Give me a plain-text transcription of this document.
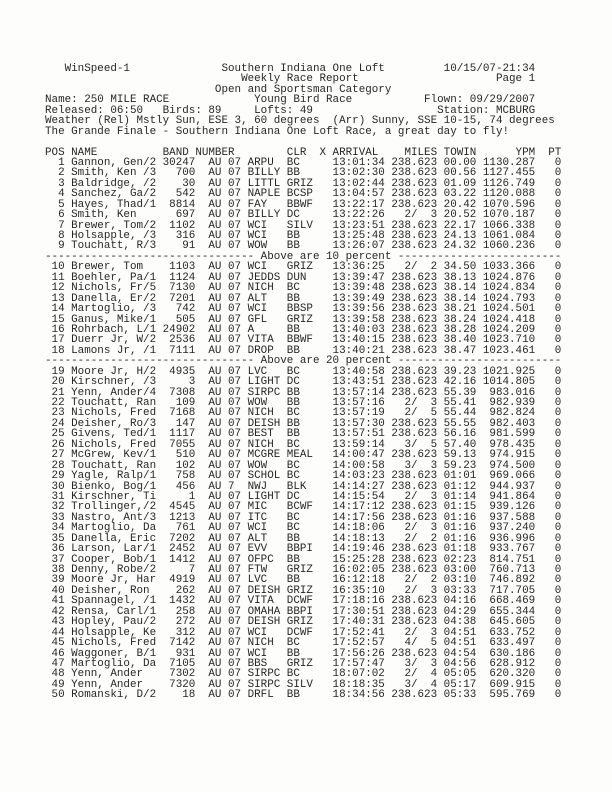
WinSpeed-1              Southern Indiana One Loft         10/15/07-21:34
Weekly Race Report                     Page 1
Open and Sportsman Category
Name: 250 MILE RACE             Young Bird Race           Flown: 09/29/2007
Released: 06:50   Birds: 89     Lofts: 49                   Station: MCBURG
Weather (Rel) Mstly Sun, ESE 3, 60 degrees  (Arr) Sunny, SSE 10-15, 74 degrees
The Grande Finale - Southern Indiana One Loft Race, a great day to fly!

POS NAME          BAND NUMBER        CLR  X ARRIVAL    MILES TOWIN      YPM  PT
1 Gannon, Gen/2 30247  AU 07 ARPU  BC     13:01:34 238.623 00.00 1130.287   0
2 Smith, Ken /3   700  AU 07 BILLY BB     13:02:30 238.623 00.56 1127.455   0
3 Baldridge, /2    30  AU 07 LITTL GRIZ   13:02:44 238.623 01.09 1126.749   0
4 Sanchez, Ga/2   542  AU 07 NAPLE BCSP   13:04:57 238.623 03.22 1120.088   0
5 Hayes, Thad/1  8814  AU 07 FAY   BBWF   13:22:17 238.623 20.42 1070.596   0
6 Smith, Ken      697  AU 07 BILLY DC     13:22:26   2/  3 20.52 1070.187   0
7 Brewer, Tom/2  1102  AU 07 WCI   SILV   13:23:51 238.623 22.17 1066.338   0
8 Holsapple, /3   316  AU 07 WCI   BB     13:25:48 238.623 24.13 1061.084   0
9 Touchatt, R/3    91  AU 07 WOW   BB     13:26:07 238.623 24.32 1060.236   0
-------------------------------- Above are 10 percent -------------------------
10 Brewer, Tom    1103  AU 07 WCI   GRIZ   13:36:25   2/  2 34.50 1033.366   0
11 Boehler, Pa/1  1124  AU 07 JEDDS DUN    13:39:47 238.623 38.13 1024.876   0
12 Nichols, Fr/5  7130  AU 07 NICH  BC     13:39:48 238.623 38.14 1024.834   0
13 Danella, Er/2  7201  AU 07 ALT   BB     13:39:49 238.623 38.14 1024.793   0
14 Martoglio, /3   742  AU 07 WCI   BBSP   13:39:56 238.623 38.21 1024.501   0
15 Ganus, Mike/1   505  AU 07 GFL   GRIZ   13:39:58 238.623 38.24 1024.418   0
16 Rohrbach, L/1 24902  AU 07 A     BB     13:40:03 238.623 38.28 1024.209   0
17 Duerr Jr, W/2  2536  AU 07 VITA  BBWF   13:40:15 238.623 38.40 1023.710   0
18 Lamons Jr, /1  7111  AU 07 DROP  BB     13:40:21 238.623 38.47 1023.461   0
-------------------------------- Above are 20 percent -------------------------
19 Moore Jr, H/2  4935  AU 07 LVC   BC     13:40:58 238.623 39.23 1021.925   0
20 Kirschner, /3     3  AU 07 LIGHT DC     13:43:51 238.623 42.16 1014.805   0
21 Yenn, Ander/4  7308  AU 07 SIRPC BB     13:57:14 238.623 55.39  983.016   0
22 Touchatt, Ran   109  AU 07 WOW   BB     13:57:16   2/  3 55.41  982.939   0
23 Nichols, Fred  7168  AU 07 NICH  BC     13:57:19   2/  5 55.44  982.824   0
24 Deisher, Ro/3   147  AU 07 DEISH BB     13:57:30 238.623 55.55  982.403   0
25 Givens, Ted/1  1117  AU 07 BEST  BB     13:57:51 238.623 56.16  981.599   0
26 Nichols, Fred  7055  AU 07 NICH  BC     13:59:14   3/  5 57.40  978.435   0
27 McGrew, Kev/1   510  AU 07 MCGRE MEAL   14:00:47 238.623 59.13  974.915   0
28 Touchatt, Ran   102  AU 07 WOW   BC     14:00:58   3/  3 59.23  974.500   0
29 Yagle, Ralp/1   758  AU 07 SCHOL BC     14:03:23 238.623 01:01  969.066   0
30 Bienko, Bog/1   456  AU 7  NWJ   BLK    14:14:27 238.623 01:12  944.937   0
31 Kirschner, Ti     1  AU 07 LIGHT DC     14:15:54   2/  3 01:14  941.864   0
32 Trollinger,/2  4545  AU 07 MIC   BCWF   14:17:12 238.623 01:15  939.126   0
33 Nastro, Ant/3  1213  AU 07 ITC   BC     14:17:56 238.623 01:16  937.588   0
34 Martoglio, Da   761  AU 07 WCI   BC     14:18:06   2/  3 01:16  937.240   0
35 Danella, Eric  7202  AU 07 ALT   BB     14:18:13   2/  2 01:16  936.996   0
36 Larson, Lar/1  2452  AU 07 EVV   BBPI   14:19:46 238.623 01:18  933.767   0
37 Cooper, Bob/1  1412  AU 07 OFPC  BB     15:25:28 238.623 02:23  814.751   0
38 Denny, Robe/2     7  AU 07 FTW   GRIZ   16:02:05 238.623 03:00  760.713   0
39 Moore Jr, Har  4919  AU 07 LVC   BB     16:12:18   2/  2 03:10  746.892   0
40 Deisher, Ron    262  AU 07 DEISH GRIZ   16:35:10   2/  3 03:33  717.705   0
41 Spannagel, /1  1432  AU 07 VITA  DCWF   17:18:16 238.623 04:16  668.469   0
42 Rensa, Carl/1   258  AU 07 OMAHA BBPI   17:30:51 238.623 04:29  655.344   0
43 Hopley, Pau/2   272  AU 07 DEISH GRIZ   17:40:31 238.623 04:38  645.605   0
44 Holsapple, Ke   312  AU 07 WCI   DCWF   17:52:41   2/  3 04:51  633.752   0
45 Nichols, Fred  7142  AU 07 NICH  BC     17:52:57   4/  5 04:51  633.497   0
46 Waggoner, B/1   931  AU 07 WCI   BB     17:56:26 238.623 04:54  630.186   0
47 Martoglio, Da  7105  AU 07 BBS   GRIZ   17:57:47   3/  3 04:56  628.912   0
48 Yenn, Ander    7302  AU 07 SIRPC BC     18:07:02   2/  4 05:05  620.320   0
49 Yenn, Ander    7320  AU 07 SIRPC SILV   18:18:35   3/  4 05:17  609.915   0
50 Romanski, D/2    18  AU 07 DRFL  BB     18:34:56 238.623 05:33  595.769   0
